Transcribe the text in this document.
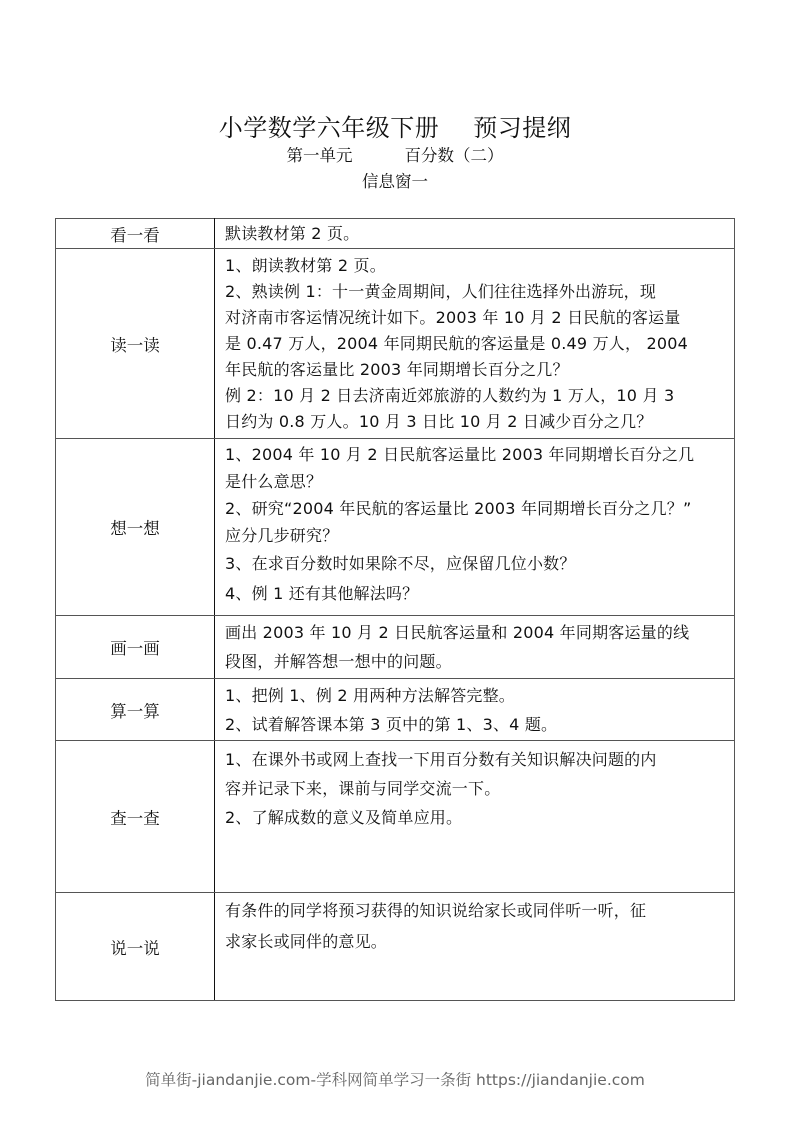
小学数学六年级下册 预习提纲
第一单元	百分数（二）
信息窗一
看一看	默读教材第 2 页。

读一读	
1、朗读教材第 2 页。
2、熟读例 1：十一黄金周期间，人们往往选择外出游玩，现
对济南市客运情况统计如下。2003 年 10 月 2 日民航的客运量
是 0.47 万人，2004 年同期民航的客运量是 0.49 万人， 2004
年民航的客运量比 2003 年同期增长百分之几？
例 2：10 月 2 日去济南近郊旅游的人数约为 1 万人，10 月 3
日约为 0.8 万人。10 月 3 日比 10 月 2 日减少百分之几？

想一想	
1、2004 年 10 月 2 日民航客运量比 2003 年同期增长百分之几
是什么意思？
2、研究“2004 年民航的客运量比 2003 年同期增长百分之几？”
应分几步研究？
3、在求百分数时如果除不尽，应保留几位小数？
4、例 1 还有其他解法吗？

画一画	画出 2003 年 10 月 2 日民航客运量和 2004 年同期客运量的线
段图，并解答想一想中的问题。

算一算	1、把例 1、例 2 用两种方法解答完整。
2、试着解答课本第 3 页中的第 1、3、4 题。

查一查	1、在课外书或网上查找一下用百分数有关知识解决问题的内
容并记录下来，课前与同学交流一下。
2、了解成数的意义及简单应用。

说一说	有条件的同学将预习获得的知识说给家长或同伴听一听，征
求家长或同伴的意见。
简单街-jiandanjie.com-学科网简单学习一条街 https://jiandanjie.com
